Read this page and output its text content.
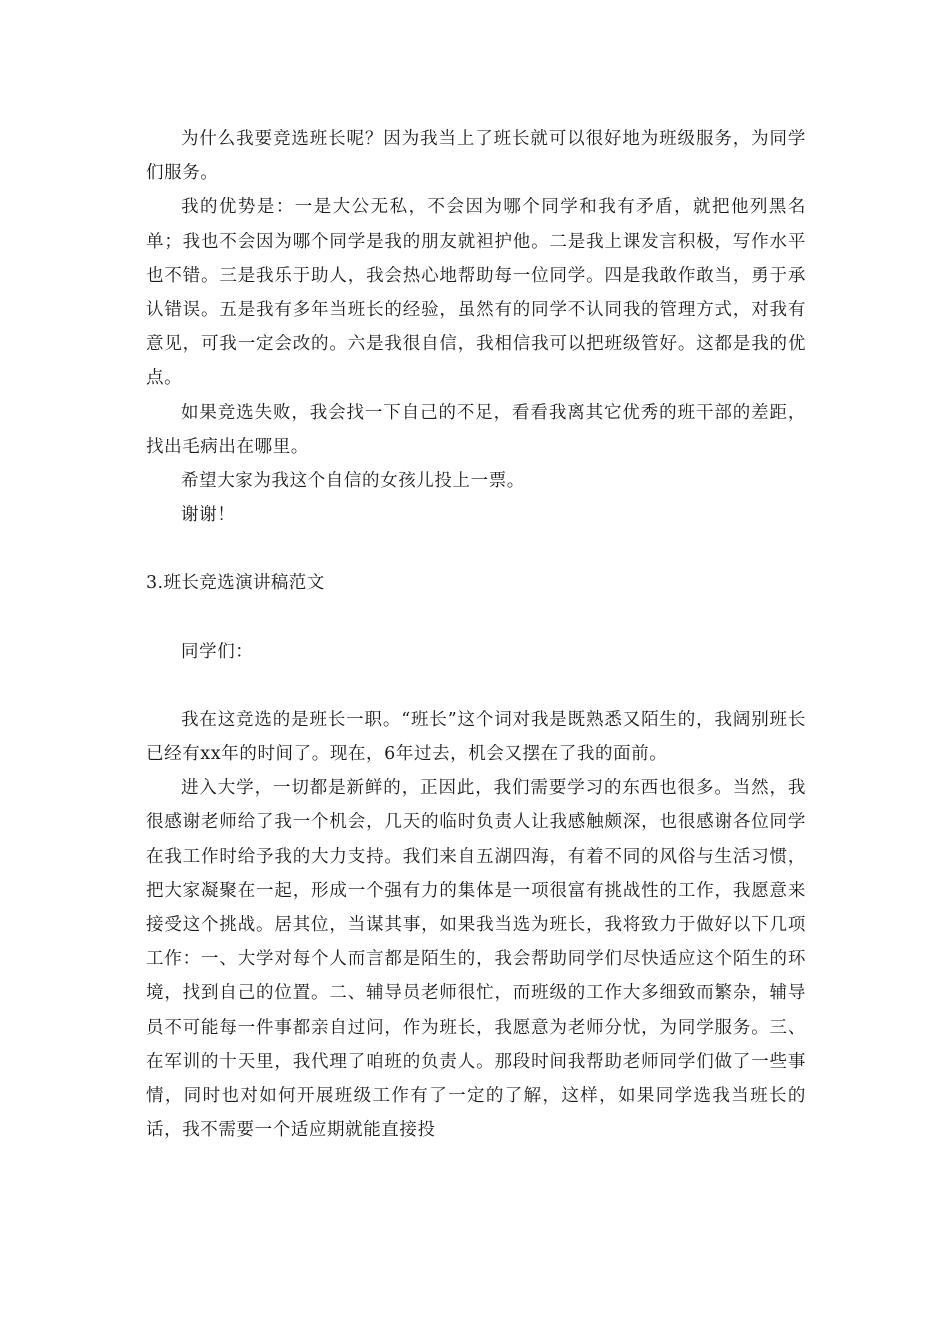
为什么我要竞选班长呢？因为我当上了班长就可以很好地为班级服务，为同学们服务。

我的优势是：一是大公无私，不会因为哪个同学和我有矛盾，就把他列黑名单；我也不会因为哪个同学是我的朋友就袒护他。二是我上课发言积极，写作水平也不错。三是我乐于助人，我会热心地帮助每一位同学。四是我敢作敢当，勇于承认错误。五是我有多年当班长的经验，虽然有的同学不认同我的管理方式，对我有意见，可我一定会改的。六是我很自信，我相信我可以把班级管好。这都是我的优点。

如果竞选失败，我会找一下自己的不足，看看我离其它优秀的班干部的差距，找出毛病出在哪里。

希望大家为我这个自信的女孩儿投上一票。

谢谢！

3.班长竞选演讲稿范文

同学们：

我在这竞选的是班长一职。“班长”这个词对我是既熟悉又陌生的，我阔别班长已经有xx年的时间了。现在，6年过去，机会又摆在了我的面前。

进入大学，一切都是新鲜的，正因此，我们需要学习的东西也很多。当然，我很感谢老师给了我一个机会，几天的临时负责人让我感触颇深，也很感谢各位同学在我工作时给予我的大力支持。我们来自五湖四海，有着不同的风俗与生活习惯，把大家凝聚在一起，形成一个强有力的集体是一项很富有挑战性的工作，我愿意来接受这个挑战。居其位，当谋其事，如果我当选为班长，我将致力于做好以下几项工作：一、大学对每个人而言都是陌生的，我会帮助同学们尽快适应这个陌生的环境，找到自己的位置。二、辅导员老师很忙，而班级的工作大多细致而繁杂，辅导员不可能每一件事都亲自过问，作为班长，我愿意为老师分忧，为同学服务。三、在军训的十天里，我代理了咱班的负责人。那段时间我帮助老师同学们做了一些事情，同时也对如何开展班级工作有了一定的了解，这样，如果同学选我当班长的话，我不需要一个适应期就能直接投
